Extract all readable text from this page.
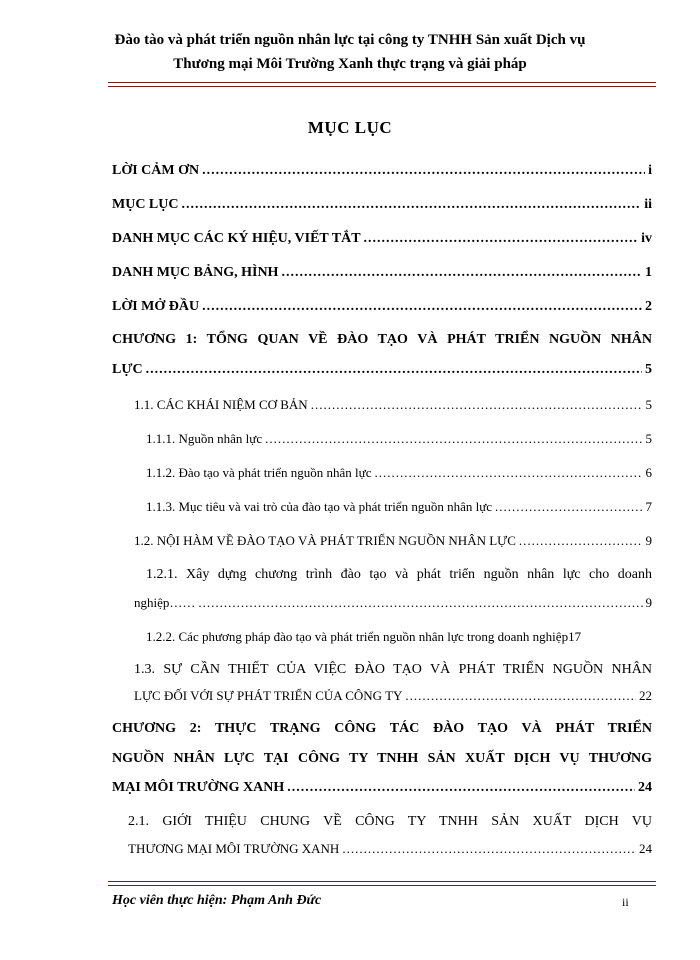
Đào tào và phát triển nguồn nhân lực tại công ty TNHH Sản xuất Dịch vụ
Thương mại Môi Trường Xanh thực trạng và giải pháp
MỤC LỤC
LỜI CẢM ƠN .....	i
MỤC LỤC .....	ii
DANH MỤC CÁC KÝ HIỆU, VIẾT TẮT .....	iv
DANH MỤC BẢNG, HÌNH .....	1
LỜI MỞ ĐẦU .....	2
CHƯƠNG 1: TỔNG QUAN VỀ ĐÀO TẠO VÀ PHÁT TRIỂN NGUỒN NHÂN
LỰC .....	5
1.1. CÁC KHÁI NIỆM CƠ BẢN .....	5
1.1.1. Nguồn nhân lực .....	5
1.1.2. Đào tạo và phát triển nguồn nhân lực .....	6
1.1.3. Mục tiêu và vai trò của đào tạo và phát triển nguồn nhân lực .....	7
1.2. NỘI HÀM VỀ ĐÀO TẠO VÀ PHÁT TRIỂN NGUỒN NHÂN LỰC .....	9
1.2.1. Xây dựng chương trình đào tạo và phát triển nguồn nhân lực cho doanh
nghiệp…… .....	9
1.2.2. Các phương pháp đào tạo và phát triển nguồn nhân lực trong doanh nghiệp 17
1.3. SỰ CẦN THIẾT CỦA VIỆC ĐÀO TẠO VÀ PHÁT TRIỂN NGUỒN NHÂN
LỰC ĐỐI VỚI SỰ PHÁT TRIỂN CỦA CÔNG TY .....	22
CHƯƠNG 2: THỰC TRẠNG CÔNG TÁC ĐÀO TẠO VÀ PHÁT TRIỂN
NGUỒN NHÂN LỰC TẠI CÔNG TY TNHH SẢN XUẤT DỊCH VỤ THƯƠNG
MẠI MÔI TRƯỜNG XANH .....	24
2.1. GIỚI THIỆU CHUNG VỀ CÔNG TY TNHH SẢN XUẤT DỊCH VỤ
THƯƠNG MẠI MÔI TRƯỜNG XANH .....	24
Học viên thực hiện: Phạm Anh Đức	ii
